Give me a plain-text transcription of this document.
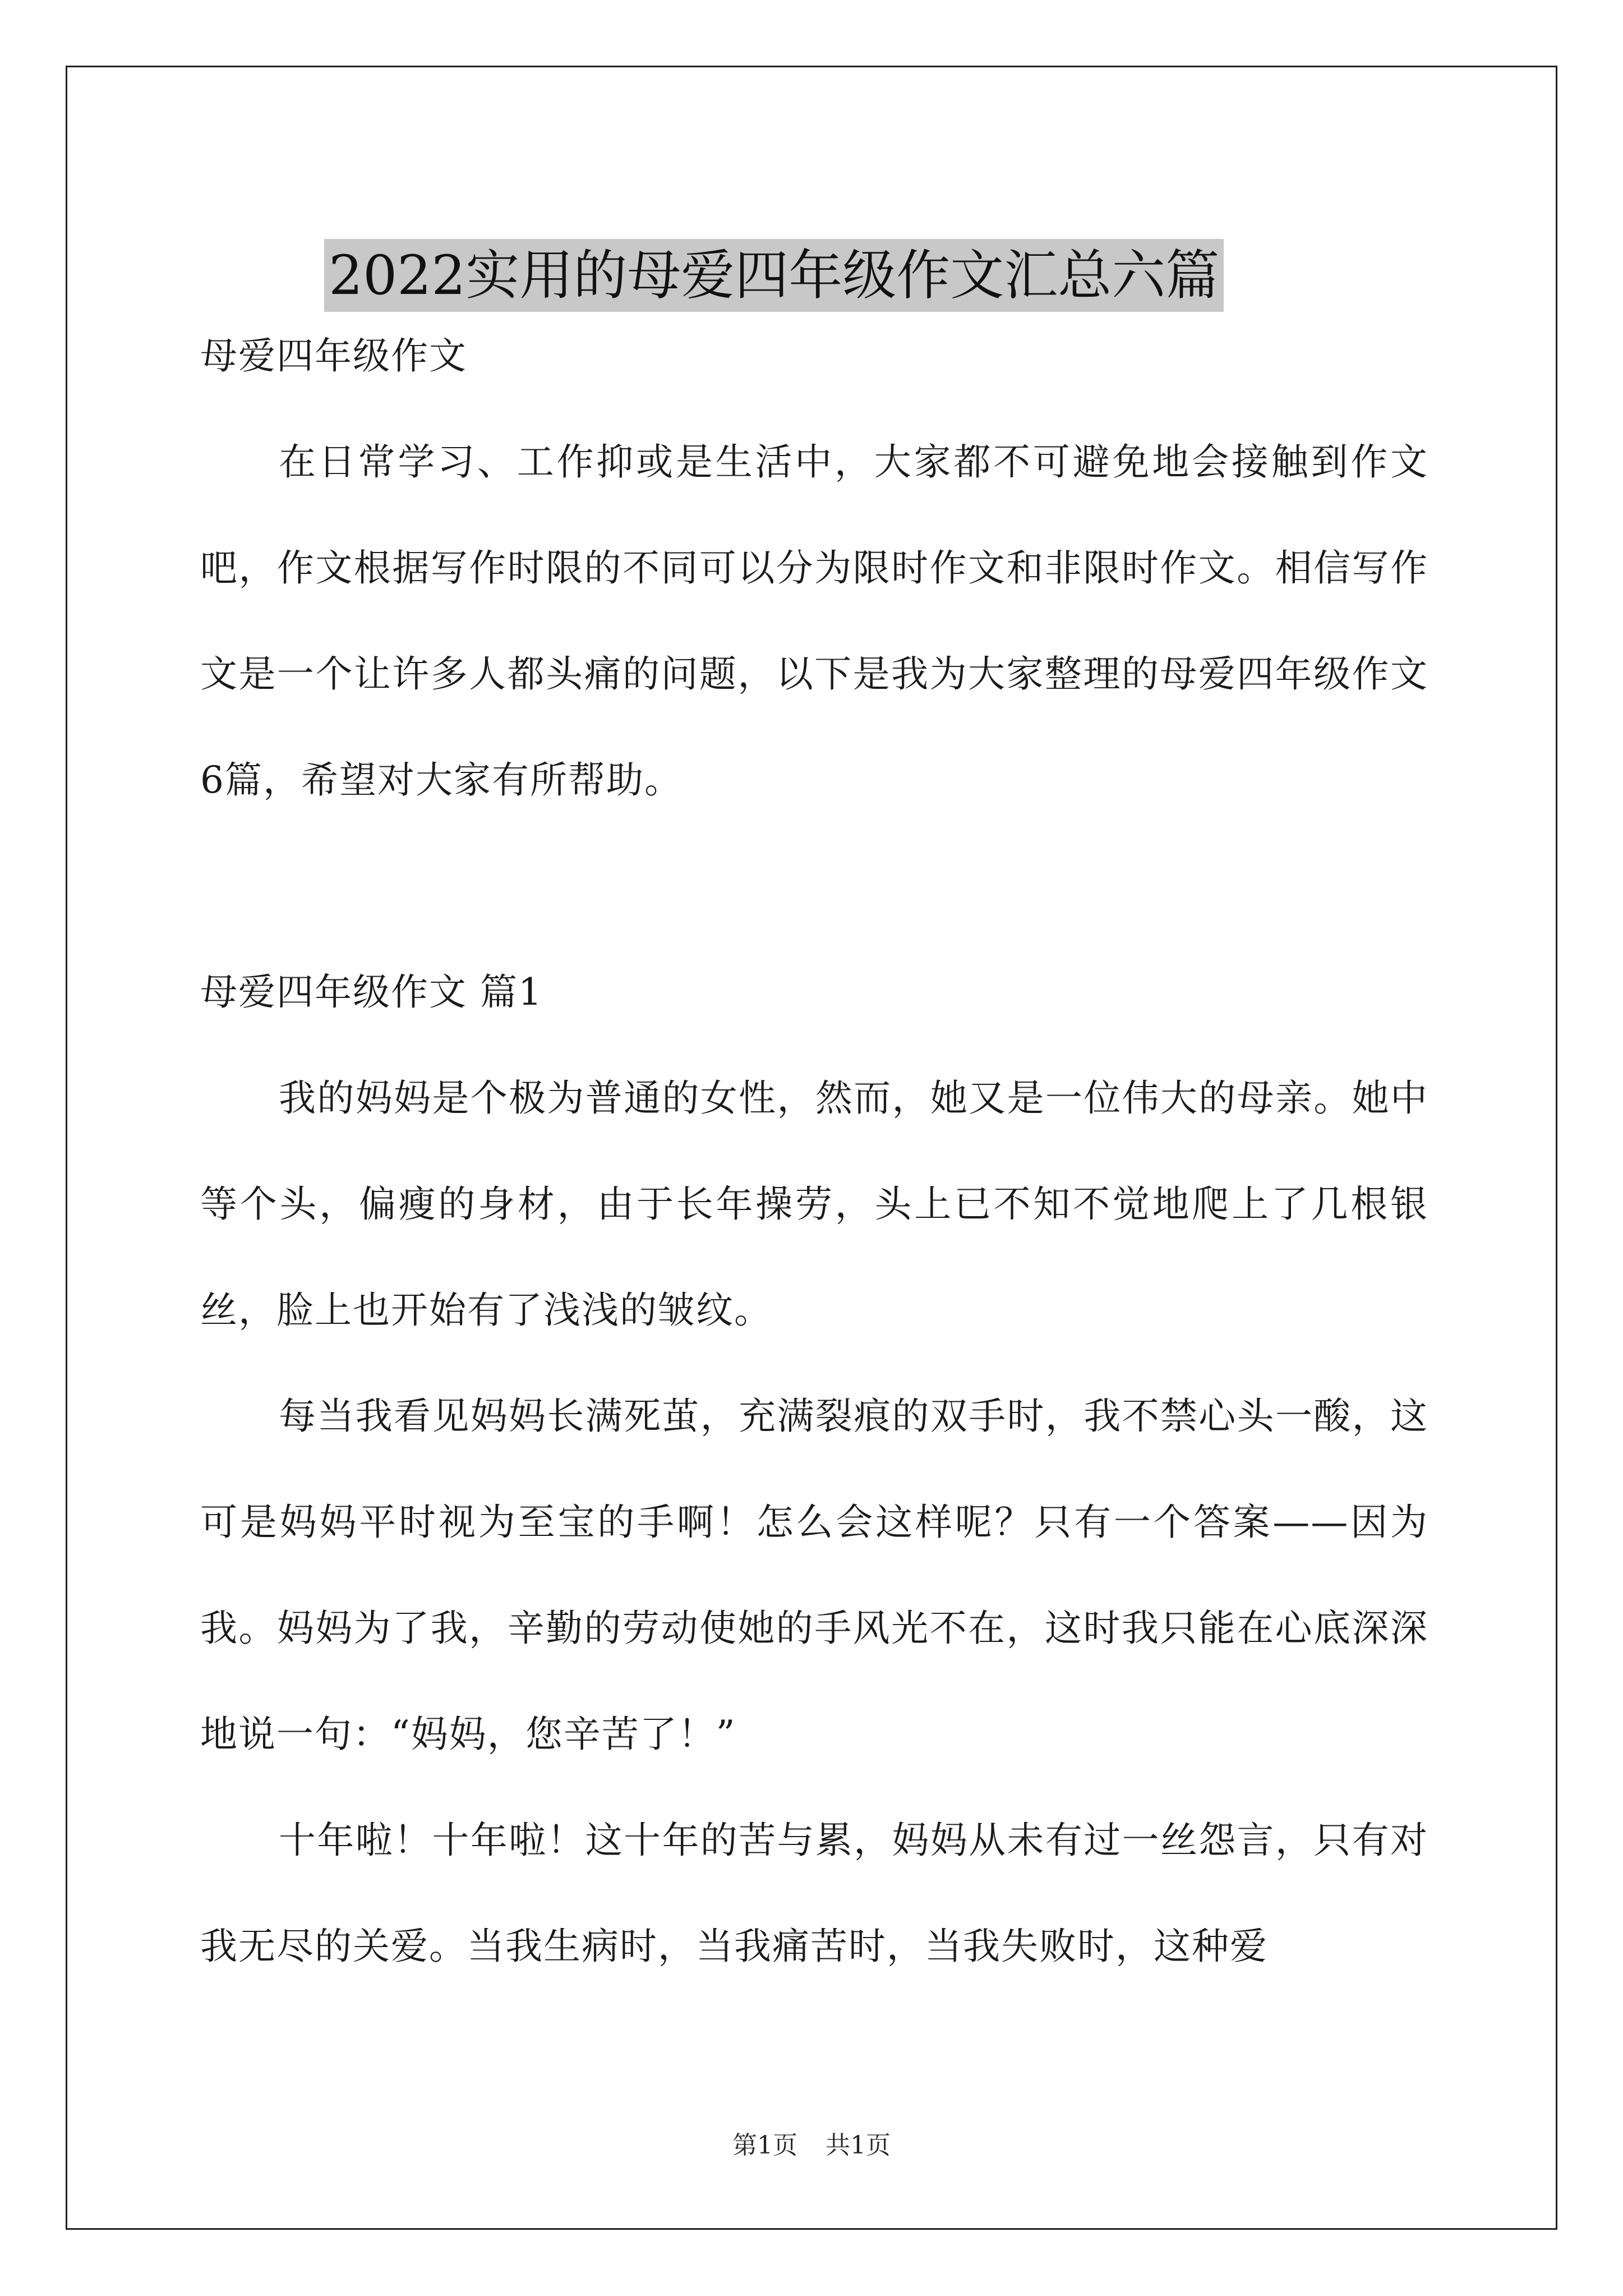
2022实用的母爱四年级作文汇总六篇
母爱四年级作文

在日常学习、工作抑或是生活中，大家都不可避免地会接触到作文吧，作文根据写作时限的不同可以分为限时作文和非限时作文。相信写作文是一个让许多人都头痛的问题，以下是我为大家整理的母爱四年级作文6篇，希望对大家有所帮助。

母爱四年级作文 篇1

我的妈妈是个极为普通的女性，然而，她又是一位伟大的母亲。她中等个头，偏瘦的身材，由于长年操劳，头上已不知不觉地爬上了几根银丝，脸上也开始有了浅浅的皱纹。

每当我看见妈妈长满死茧，充满裂痕的双手时，我不禁心头一酸，这可是妈妈平时视为至宝的手啊！怎么会这样呢？只有一个答案——因为我。妈妈为了我，辛勤的劳动使她的手风光不在，这时我只能在心底深深地说一句：“妈妈，您辛苦了！”

十年啦！十年啦！这十年的苦与累，妈妈从未有过一丝怨言，只有对我无尽的关爱。当我生病时，当我痛苦时，当我失败时，这种爱

第1页 共1页
